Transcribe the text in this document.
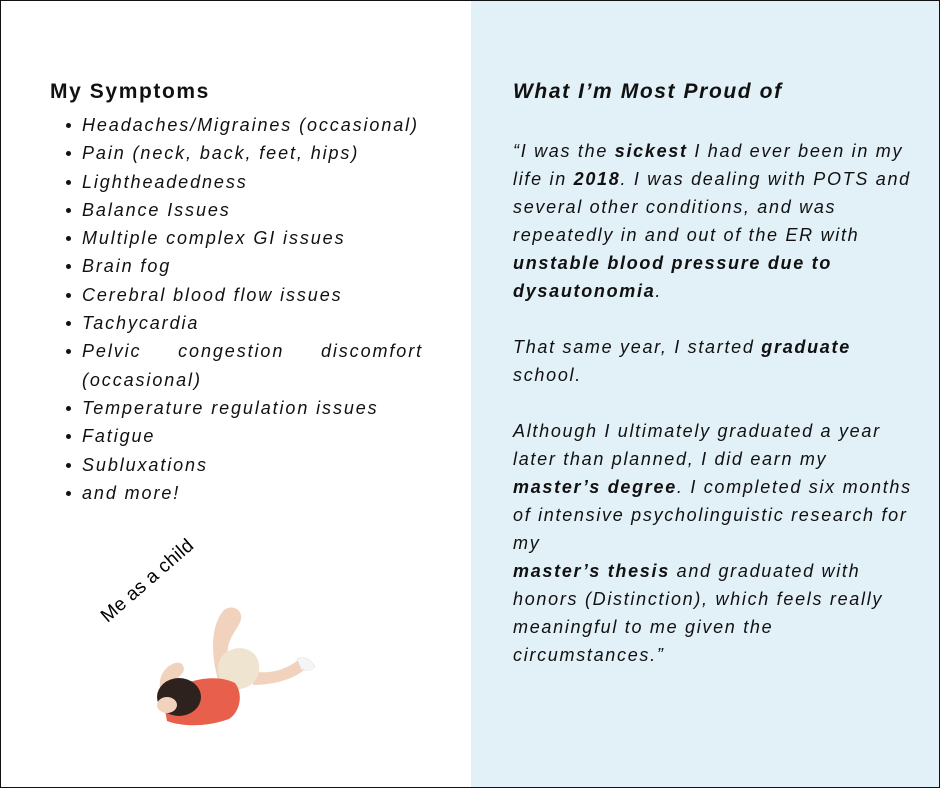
My Symptoms
Headaches/Migraines (occasional)
Pain (neck, back, feet, hips)
Lightheadedness
Balance Issues
Multiple complex GI issues
Brain fog
Cerebral blood flow issues
Tachycardia
Pelvic congestion discomfort (occasional)
Temperature regulation issues
Fatigue
Subluxations
and more!
Me as a child
What I’m Most Proud of

“I was the sickest I had ever been in my life in 2018. I was dealing with POTS and several other conditions, and was repeatedly in and out of the ER with unstable blood pressure due to dysautonomia.

That same year, I started graduate
school.

Although I ultimately graduated a year later than planned, I did earn my master’s degree. I completed six months of intensive psycholinguistic research for my
master’s thesis and graduated with honors (Distinction), which feels really meaningful to me given the circumstances.”
